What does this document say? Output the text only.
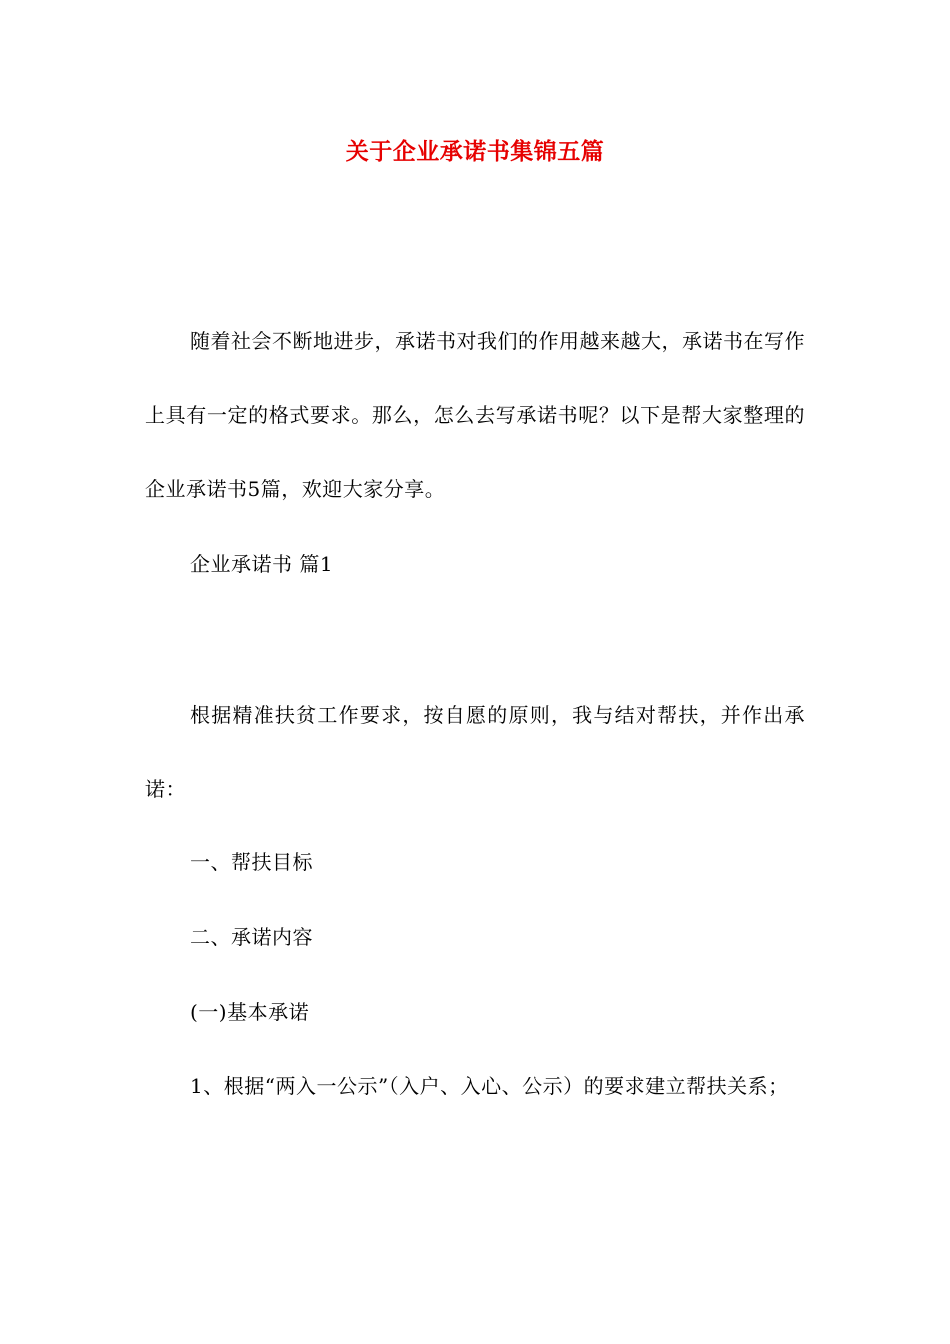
关于企业承诺书集锦五篇

随着社会不断地进步，承诺书对我们的作用越来越大，承诺书在写作上具有一定的格式要求。那么，怎么去写承诺书呢？以下是帮大家整理的企业承诺书5篇，欢迎大家分享。

企业承诺书 篇1

根据精准扶贫工作要求，按自愿的原则，我与结对帮扶，并作出承诺：

一、帮扶目标

二、承诺内容

(一)基本承诺

1、根据“两入一公示”（入户、入心、公示）的要求建立帮扶关系；
